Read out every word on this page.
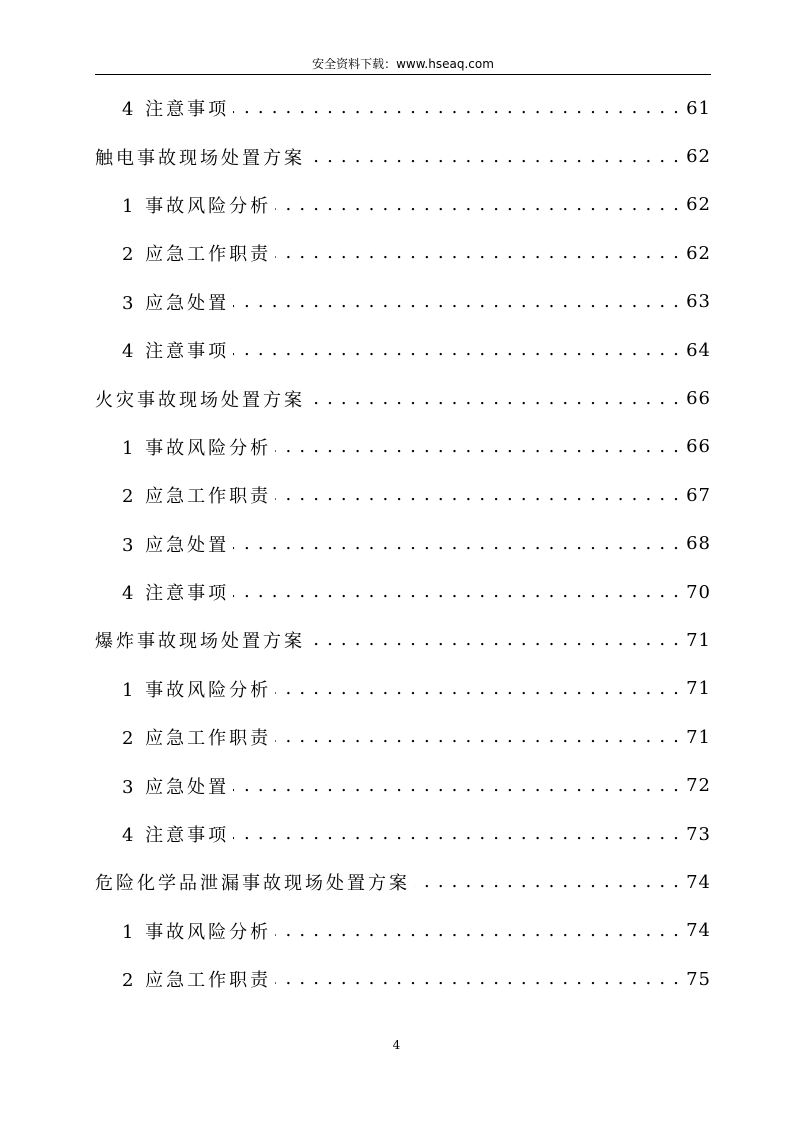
安全资料下载：www.hseaq.com
4 注意事项 . . .	61
触电事故现场处置方案 . . .	62
1 事故风险分析 . . .	62
2 应急工作职责 . . .	62
3 应急处置 . . .	63
4 注意事项 . . .	64
火灾事故现场处置方案 . . .	66
1 事故风险分析 . . .	66
2 应急工作职责 . . .	67
3 应急处置 . . .	68
4 注意事项 . . .	70
爆炸事故现场处置方案 . . .	71
1 事故风险分析 . . .	71
2 应急工作职责 . . .	71
3 应急处置 . . .	72
4 注意事项 . . .	73
危险化学品泄漏事故现场处置方案 . . .	74
1 事故风险分析 . . .	74
2 应急工作职责 . . .	75
4
